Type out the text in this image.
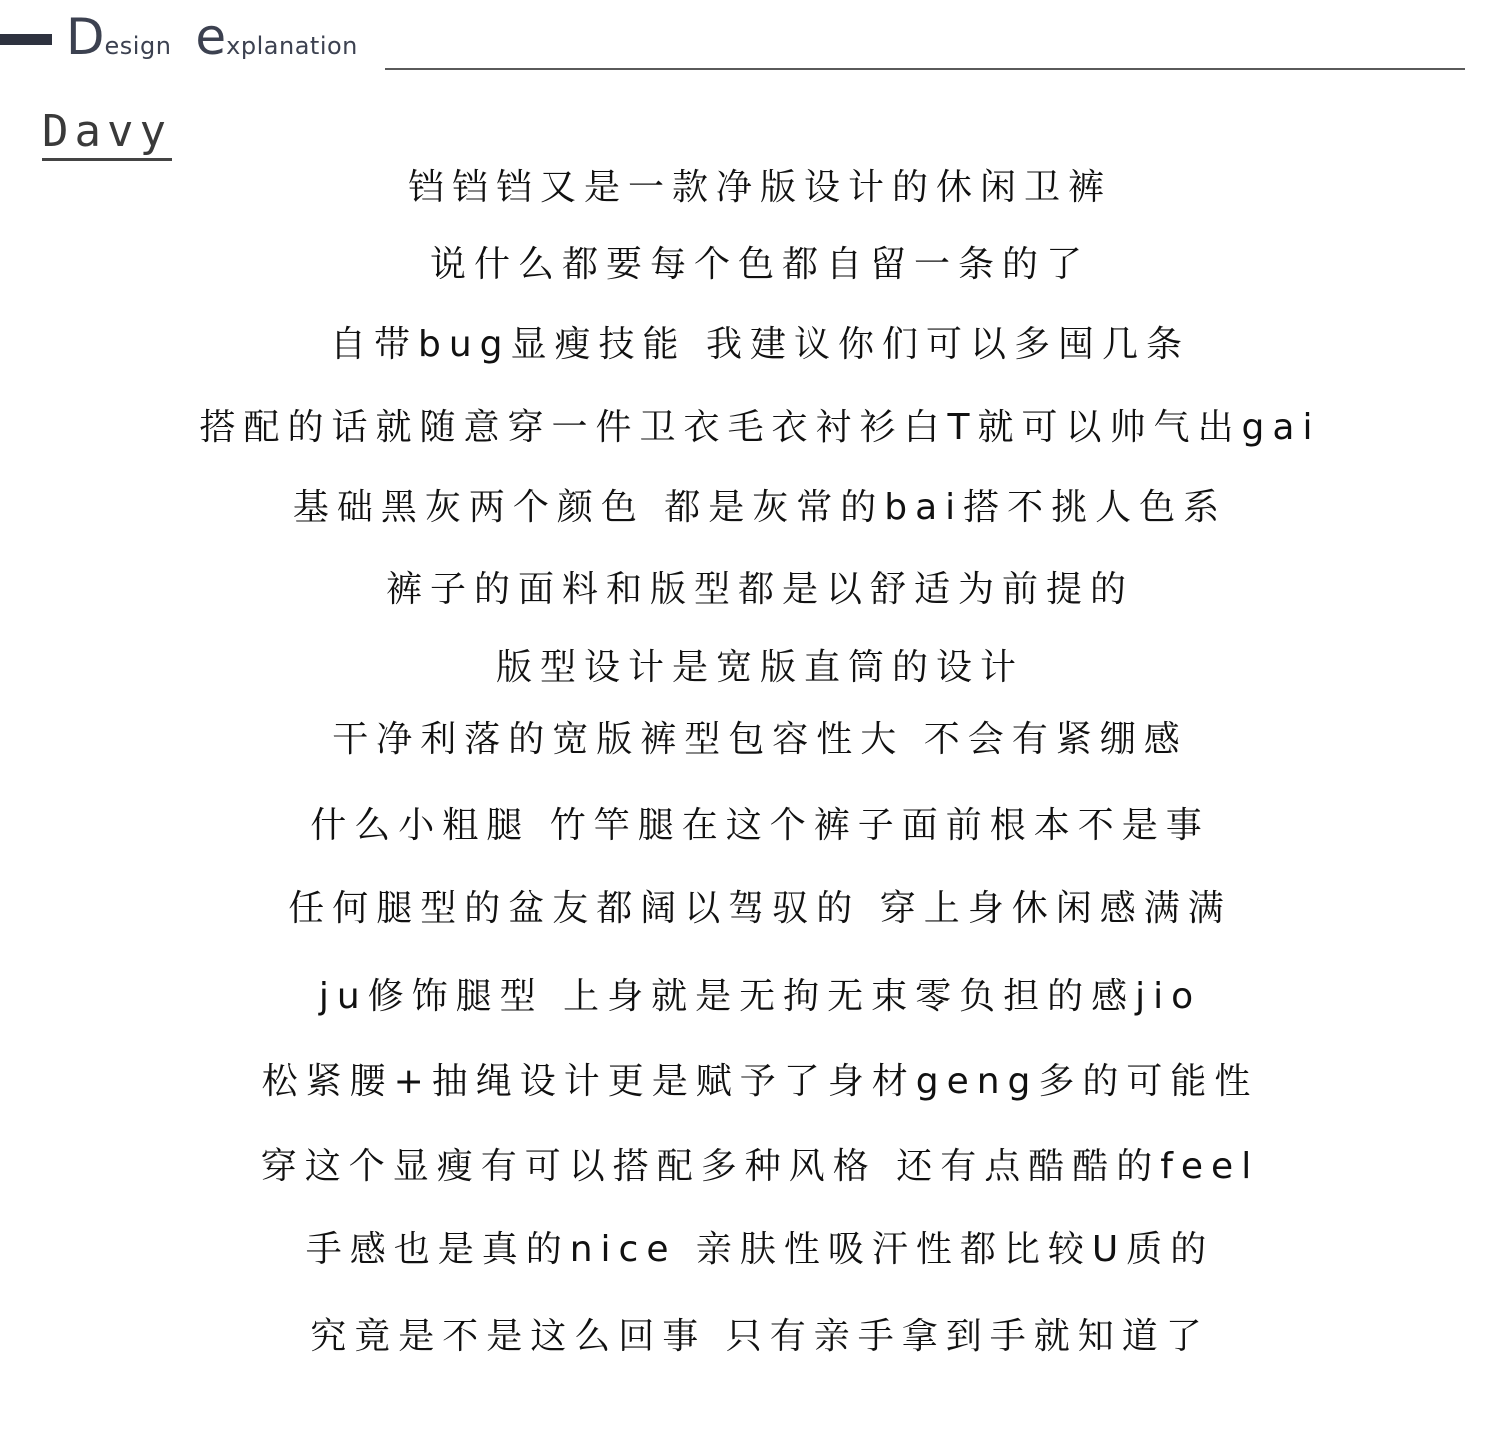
D esign e xplanation
Davy
铛铛铛又是一款净版设计的休闲卫裤
说什么都要每个色都自留一条的了
自带bug显瘦技能 我建议你们可以多囤几条
搭配的话就随意穿一件卫衣毛衣衬衫白T就可以帅气出gai
基础黑灰两个颜色 都是灰常的bai搭不挑人色系
裤子的面料和版型都是以舒适为前提的
版型设计是宽版直筒的设计
干净利落的宽版裤型包容性大 不会有紧绷感
什么小粗腿 竹竿腿在这个裤子面前根本不是事
任何腿型的盆友都阔以驾驭的 穿上身休闲感满满
ju修饰腿型 上身就是无拘无束零负担的感jio
松紧腰+抽绳设计更是赋予了身材geng多的可能性
穿这个显瘦有可以搭配多种风格 还有点酷酷的feel
手感也是真的nice 亲肤性吸汗性都比较U质的
究竟是不是这么回事 只有亲手拿到手就知道了
